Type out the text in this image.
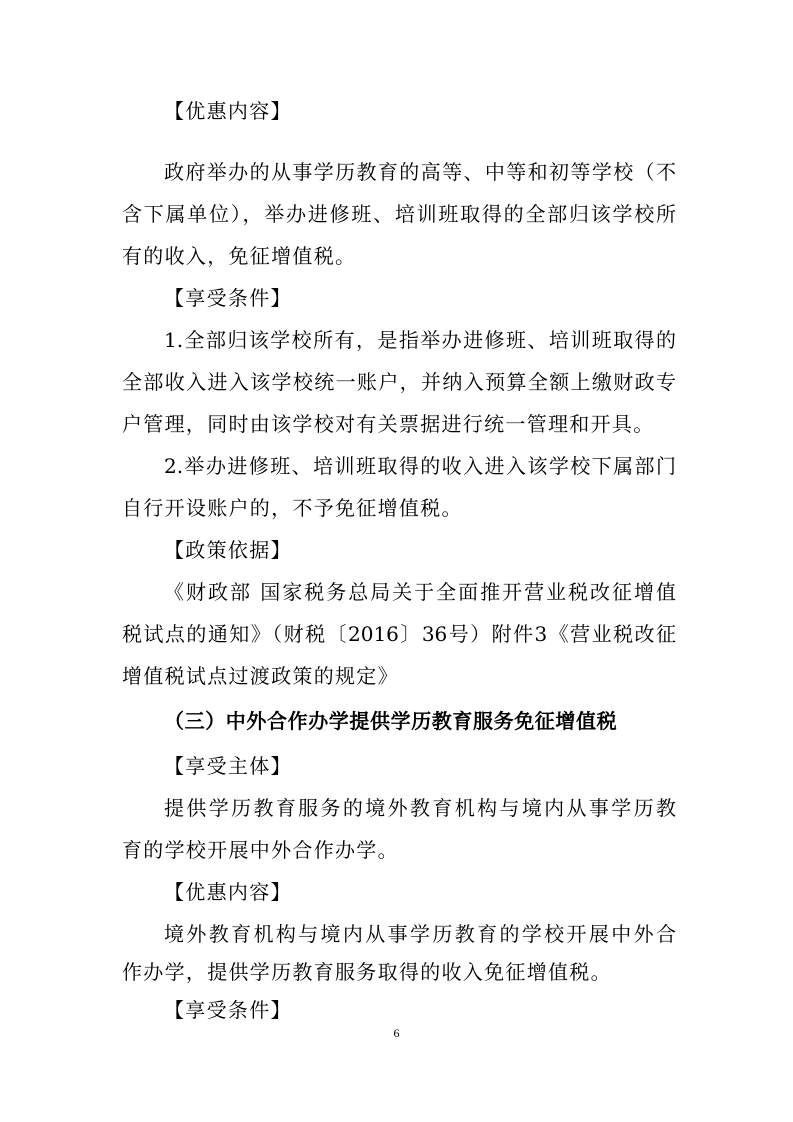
【优惠内容】
政府举办的从事学历教育的高等、中等和初等学校（不
含下属单位），举办进修班、培训班取得的全部归该学校所
有的收入，免征增值税。
【享受条件】
1.全部归该学校所有，是指举办进修班、培训班取得的
全部收入进入该学校统一账户，并纳入预算全额上缴财政专
户管理，同时由该学校对有关票据进行统一管理和开具。
2.举办进修班、培训班取得的收入进入该学校下属部门
自行开设账户的，不予免征增值税。
【政策依据】
《财政部 国家税务总局关于全面推开营业税改征增值
税试点的通知》（财税〔2016〕36号）附件3《营业税改征
增值税试点过渡政策的规定》
（三）中外合作办学提供学历教育服务免征增值税
【享受主体】
提供学历教育服务的境外教育机构与境内从事学历教
育的学校开展中外合作办学。
【优惠内容】
境外教育机构与境内从事学历教育的学校开展中外合
6
作办学，提供学历教育服务取得的收入免征增值税。
【享受条件】
